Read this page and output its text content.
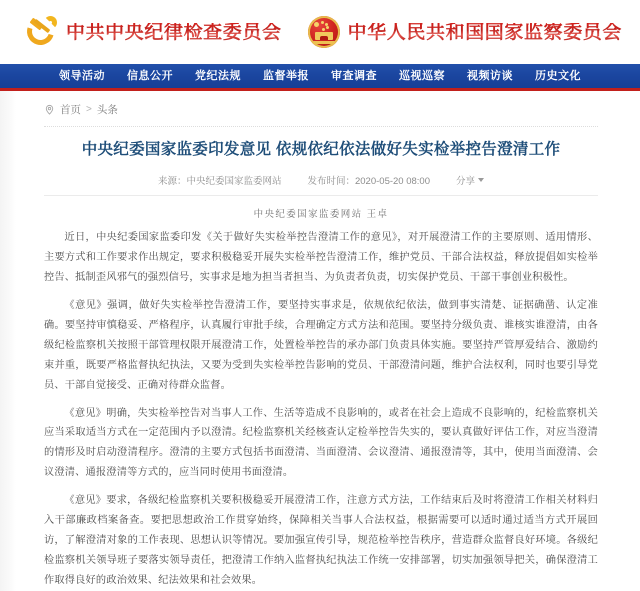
中共中央纪律检查委员会	中华人民共和国国家监察委员会
领导活动	信息公开	党纪法规	监督举报	审查调查	巡视巡察	视频访谈	历史文化
首页 > 头条
中央纪委国家监委印发意见 依规依纪依法做好失实检举控告澄清工作
来源：中央纪委国家监委网站	发布时间：2020-05-20 08:00	分享
中央纪委国家监委网站 王卓

近日，中央纪委国家监委印发《关于做好失实检举控告澄清工作的意见》，对开展澄清工作的主要原则、适用情形、主要方式和工作要求作出规定，要求积极稳妥开展失实检举控告澄清工作，维护党员、干部合法权益，释放提倡如实检举控告、抵制歪风邪气的强烈信号，实事求是地为担当者担当、为负责者负责，切实保护党员、干部干事创业积极性。

《意见》强调，做好失实检举控告澄清工作，要坚持实事求是，依规依纪依法，做到事实清楚、证据确凿、认定准确。要坚持审慎稳妥、严格程序，认真履行审批手续，合理确定方式方法和范围。要坚持分级负责、谁核实谁澄清，由各级纪检监察机关按照干部管理权限开展澄清工作，处置检举控告的承办部门负责具体实施。要坚持严管厚爱结合、激励约束并重，既要严格监督执纪执法，又要为受到失实检举控告影响的党员、干部澄清问题，维护合法权利，同时也要引导党员、干部自觉接受、正确对待群众监督。

《意见》明确，失实检举控告对当事人工作、生活等造成不良影响的，或者在社会上造成不良影响的，纪检监察机关应当采取适当方式在一定范围内予以澄清。纪检监察机关经核查认定检举控告失实的，要认真做好评估工作，对应当澄清的情形及时启动澄清程序。澄清的主要方式包括书面澄清、当面澄清、会议澄清、通报澄清等，其中，使用当面澄清、会议澄清、通报澄清等方式的，应当同时使用书面澄清。

《意见》要求，各级纪检监察机关要积极稳妥开展澄清工作，注意方式方法，工作结束后及时将澄清工作相关材料归入干部廉政档案备查。要把思想政治工作贯穿始终，保障相关当事人合法权益，根据需要可以适时通过适当方式开展回访，了解澄清对象的工作表现、思想认识等情况。要加强宣传引导，规范检举控告秩序，营造群众监督良好环境。各级纪检监察机关领导班子要落实领导责任，把澄清工作纳入监督执纪执法工作统一安排部署，切实加强领导把关，确保澄清工作取得良好的政治效果、纪法效果和社会效果。
